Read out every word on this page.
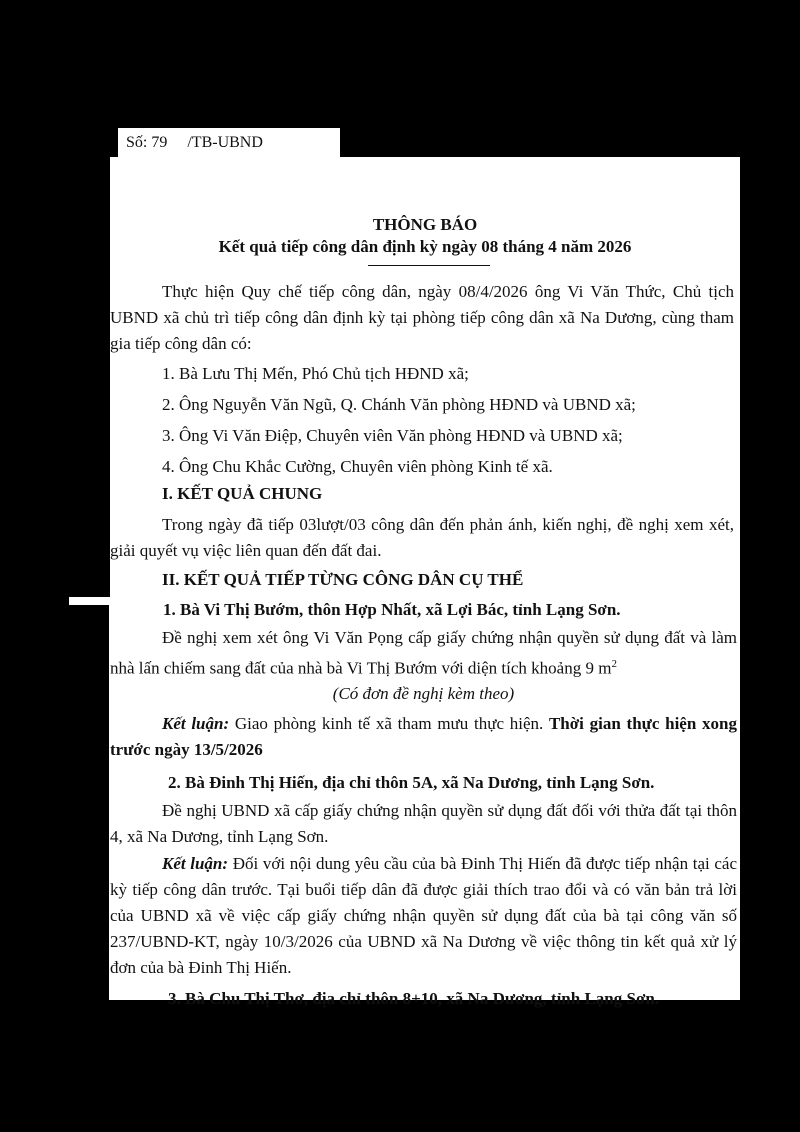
Số: 79 /TB-UBND
THÔNG BÁO
Kết quả tiếp công dân định kỳ ngày 08 tháng 4 năm 2026

Thực hiện Quy chế tiếp công dân, ngày 08/4/2026 ông Vi Văn Thức, Chủ tịch UBND xã chủ trì tiếp công dân định kỳ tại phòng tiếp công dân xã Na Dương, cùng tham gia tiếp công dân có:

1. Bà Lưu Thị Mến, Phó Chủ tịch HĐND xã;

2. Ông Nguyễn Văn Ngũ, Q. Chánh Văn phòng HĐND và UBND xã;

3. Ông Vi Văn Điệp, Chuyên viên Văn phòng HĐND và UBND xã;

4. Ông Chu Khắc Cường, Chuyên viên phòng Kinh tế xã.

I. KẾT QUẢ CHUNG

Trong ngày đã tiếp 03lượt/03 công dân đến phản ánh, kiến nghị, đề nghị xem xét, giải quyết vụ việc liên quan đến đất đai.

II. KẾT QUẢ TIẾP TỪNG CÔNG DÂN CỤ THỂ
1. Bà Vi Thị Bướm, thôn Hợp Nhất, xã Lợi Bác, tỉnh Lạng Sơn.

Đề nghị xem xét ông Vi Văn Pọng cấp giấy chứng nhận quyền sử dụng đất và làm nhà lấn chiếm sang đất của nhà bà Vi Thị Bướm với diện tích khoảng 9 $m^2$

(Có đơn đề nghị kèm theo)

Kết luận: Giao phòng kinh tế xã tham mưu thực hiện. Thời gian thực hiện xong trước ngày 13/5/2026

2. Bà Đinh Thị Hiến, địa chỉ thôn 5A, xã Na Dương, tỉnh Lạng Sơn.

Đề nghị UBND xã cấp giấy chứng nhận quyền sử dụng đất đối với thửa đất tại thôn 4, xã Na Dương, tỉnh Lạng Sơn.

Kết luận: Đối với nội dung yêu cầu của bà Đinh Thị Hiến đã được tiếp nhận tại các kỳ tiếp công dân trước. Tại buổi tiếp dân đã được giải thích trao đổi và có văn bản trả lời của UBND xã về việc cấp giấy chứng nhận quyền sử dụng đất của bà tại công văn số 237/UBND-KT, ngày 10/3/2026 của UBND xã Na Dương về việc thông tin kết quả xử lý đơn của bà Đinh Thị Hiến.

3. Bà Chu Thị Thơ, địa chỉ thôn 8+10, xã Na Dương, tỉnh Lạng Sơn.
